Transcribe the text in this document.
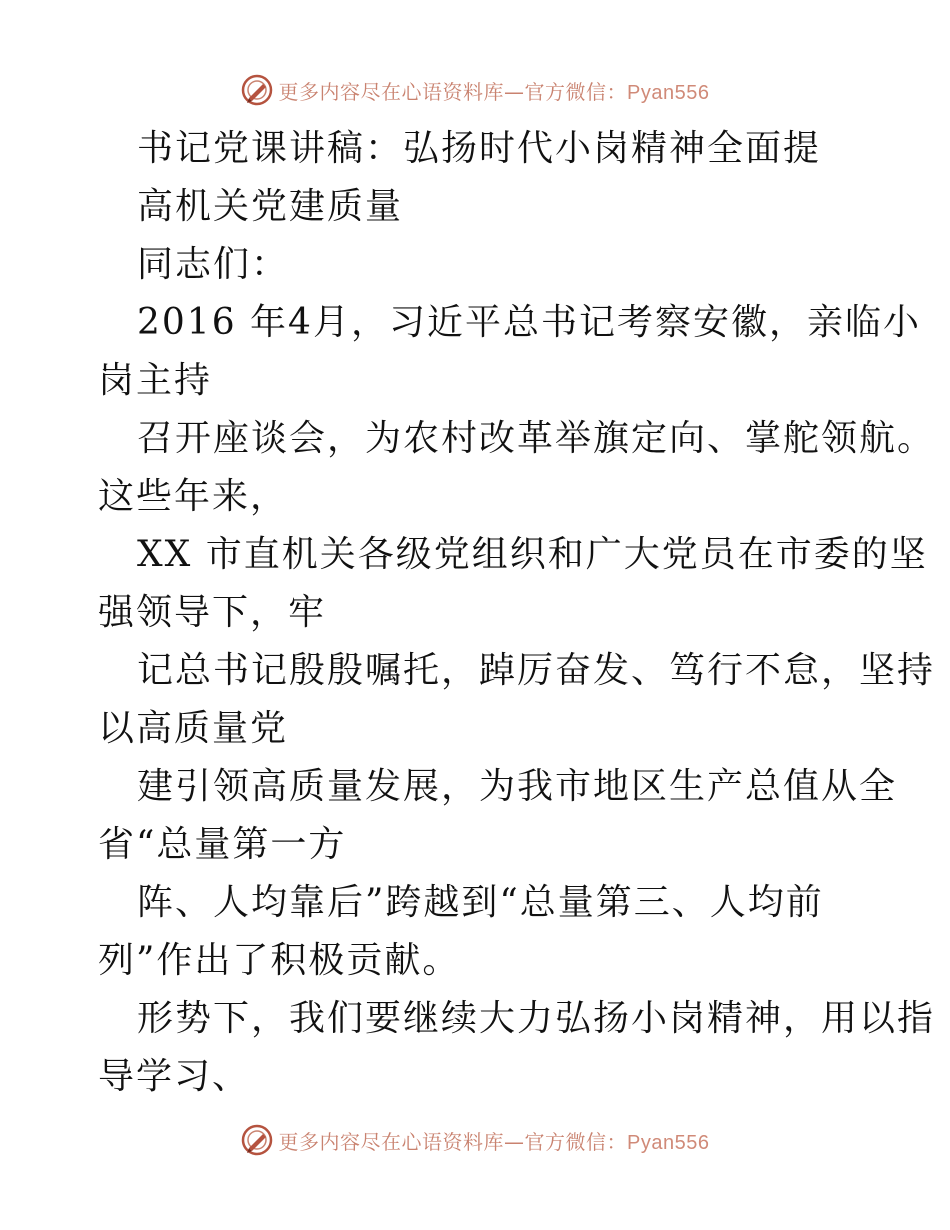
更多内容尽在心语资料库—官方微信：Pyan556
书记党课讲稿：弘扬时代小岗精神全面提
高机关党建质量
同志们：
2016 年4月，习近平总书记考察安徽，亲临小
岗主持
召开座谈会，为农村改革举旗定向、掌舵领航。
这些年来，
XX 市直机关各级党组织和广大党员在市委的坚
强领导下，牢
记总书记殷殷嘱托，踔厉奋发、笃行不怠，坚持
以高质量党
建引领高质量发展，为我市地区生产总值从全
省“总量第一方
阵、人均靠后”跨越到“总量第三、人均前
列”作出了积极贡献。
形势下，我们要继续大力弘扬小岗精神，用以指
导学习、
更多内容尽在心语资料库—官方微信：Pyan556
